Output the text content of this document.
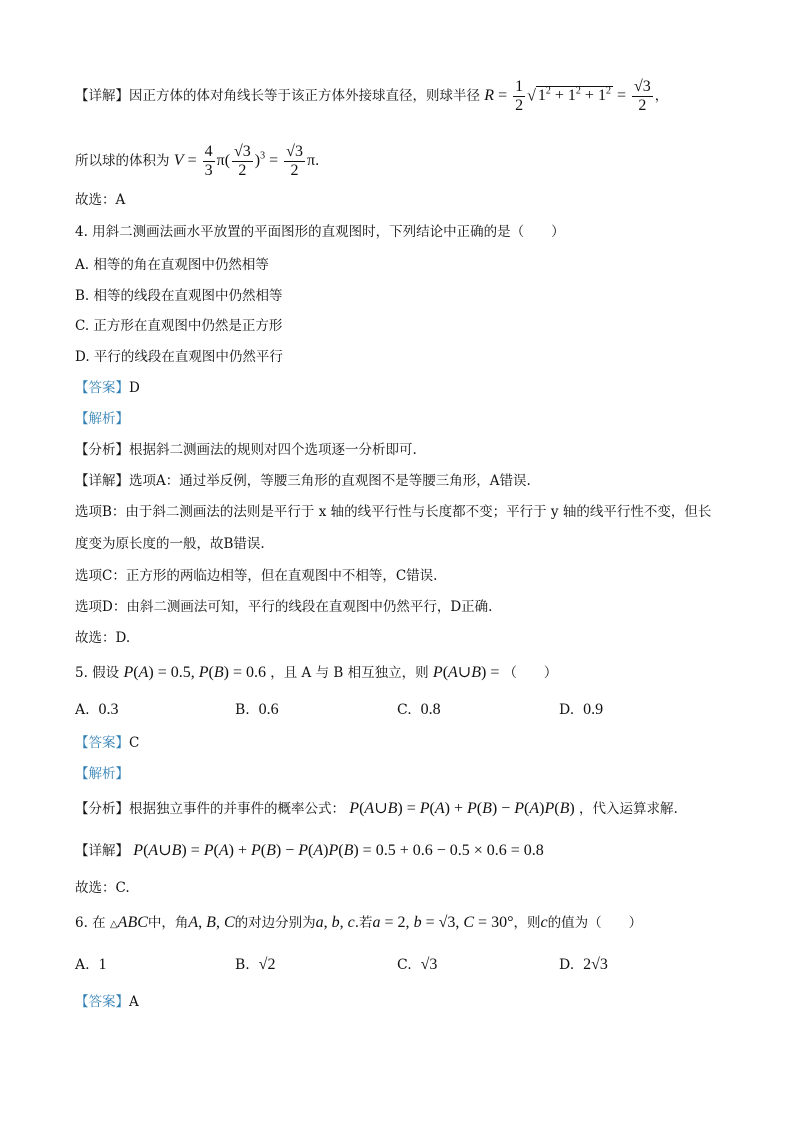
【详解】因正方体的体对角线长等于该正方体外接球直径，则球半径 $R = \frac{1}{2}$ √ $1^2 + 1^2 + 1^2 = \frac{√3}{2}$ ，
所以球的体积为 $V = \frac{4}{3} \pi( \frac{√3}{2} )^3 = \frac{√3}{2} \pi$.
故选：A
4. 用斜二测画法画水平放置的平面图形的直观图时，下列结论中正确的是（　　）
A. 相等的角在直观图中仍然相等
B. 相等的线段在直观图中仍然相等
C. 正方形在直观图中仍然是正方形
D. 平行的线段在直观图中仍然平行
【答案】D
【解析】
【分析】根据斜二测画法的规则对四个选项逐一分析即可.
【详解】选项A：通过举反例，等腰三角形的直观图不是等腰三角形，A错误.
选项B：由于斜二测画法的法则是平行于 x 轴的线平行性与长度都不变；平行于 y 轴的线平行性不变，但长
度变为原长度的一般，故B错误.
选项C：正方形的两临边相等，但在直观图中不相等，C错误.
选项D：由斜二测画法可知，平行的线段在直观图中仍然平行，D正确.
故选：D.
5. 假设 P(A) = 0.5, P(B) = 0.6 ，且 A 与 B 相互独立，则 P(A∪B) = （　　）
A. 0.3	B. 0.6	C. 0.8	D. 0.9
【答案】C
【解析】
【分析】根据独立事件的并事件的概率公式： P(A∪B) = P(A) + P(B) − P(A)P(B) ，代入运算求解.
【详解】 P(A∪B) = P(A) + P(B) − P(A)P(B) = 0.5 + 0.6 − 0.5 × 0.6 = 0.8
故选：C.
6. 在 △ABC中，角A, B, C的对边分别为a, b, c.若a = 2, b = √3, C = 30°，则c的值为（　　）
A. 1	B. √2	C. √3	D. 2√3
【答案】A
